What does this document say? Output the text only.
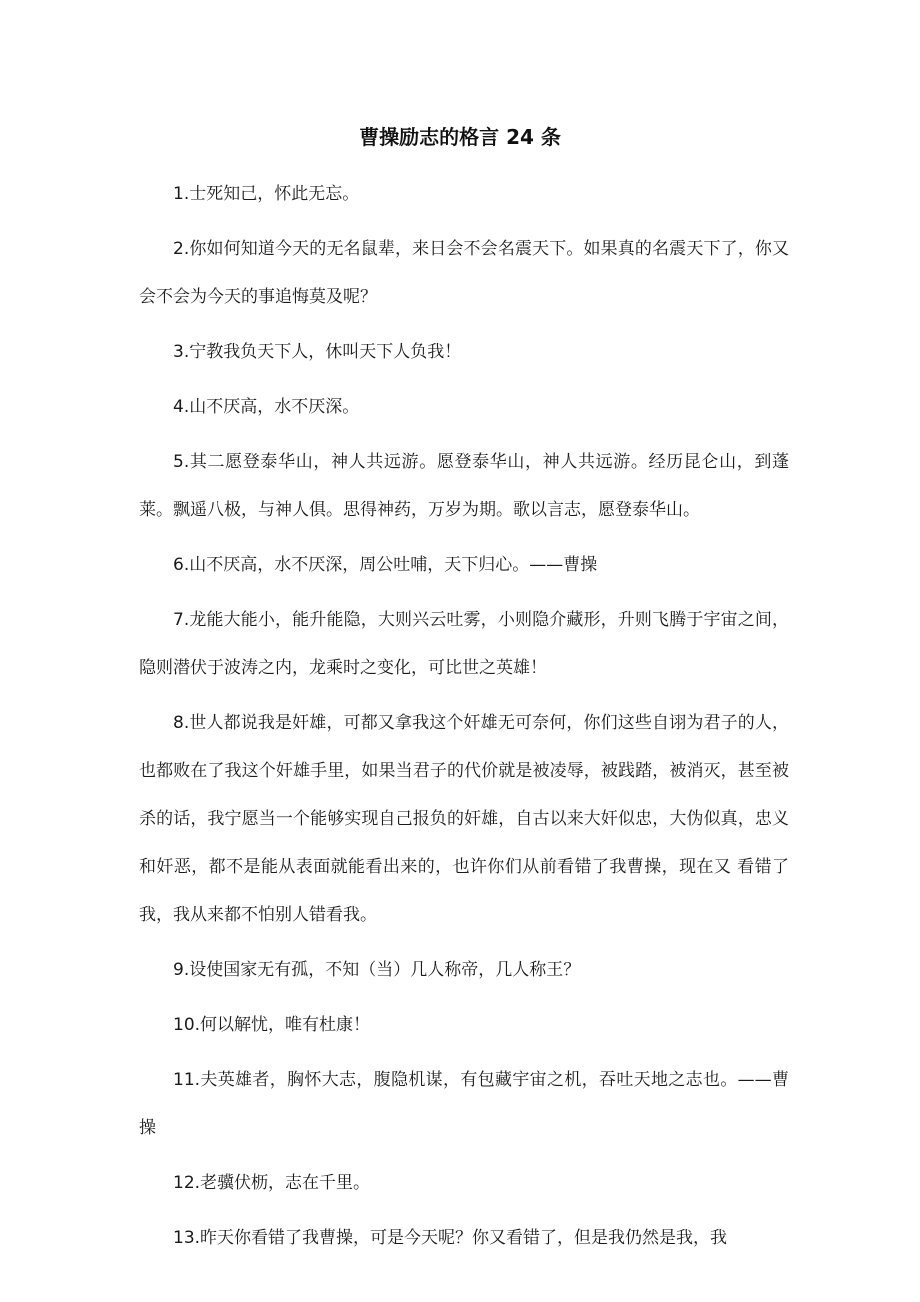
曹操励志的格言 24 条

1.士死知己，怀此无忘。

2.你如何知道今天的无名鼠辈，来日会不会名震天下。如果真的名震天下了，你又会不会为今天的事追悔莫及呢？

3.宁教我负天下人，休叫天下人负我！

4.山不厌高，水不厌深。

5.其二愿登泰华山，神人共远游。愿登泰华山，神人共远游。经历昆仑山，到蓬莱。飘遥八极，与神人俱。思得神药，万岁为期。歌以言志，愿登泰华山。

6.山不厌高，水不厌深，周公吐哺，天下归心。——曹操

7.龙能大能小，能升能隐，大则兴云吐雾，小则隐介藏形，升则飞腾于宇宙之间，隐则潜伏于波涛之内，龙乘时之变化，可比世之英雄！

8.世人都说我是奸雄，可都又拿我这个奸雄无可奈何，你们这些自诩为君子的人，也都败在了我这个奸雄手里，如果当君子的代价就是被凌辱，被践踏，被消灭，甚至被 杀的话，我宁愿当一个能够实现自己报负的奸雄，自古以来大奸似忠，大伪似真，忠义和奸恶，都不是能从表面就能看出来的，也许你们从前看错了我曹操，现在又 看错了我，我从来都不怕别人错看我。

9.设使国家无有孤，不知（当）几人称帝，几人称王？

10.何以解忧，唯有杜康！

11.夫英雄者，胸怀大志，腹隐机谋，有包藏宇宙之机，吞吐天地之志也。——曹操

12.老骥伏枥，志在千里。

13.昨天你看错了我曹操，可是今天呢？你又看错了，但是我仍然是我，我
